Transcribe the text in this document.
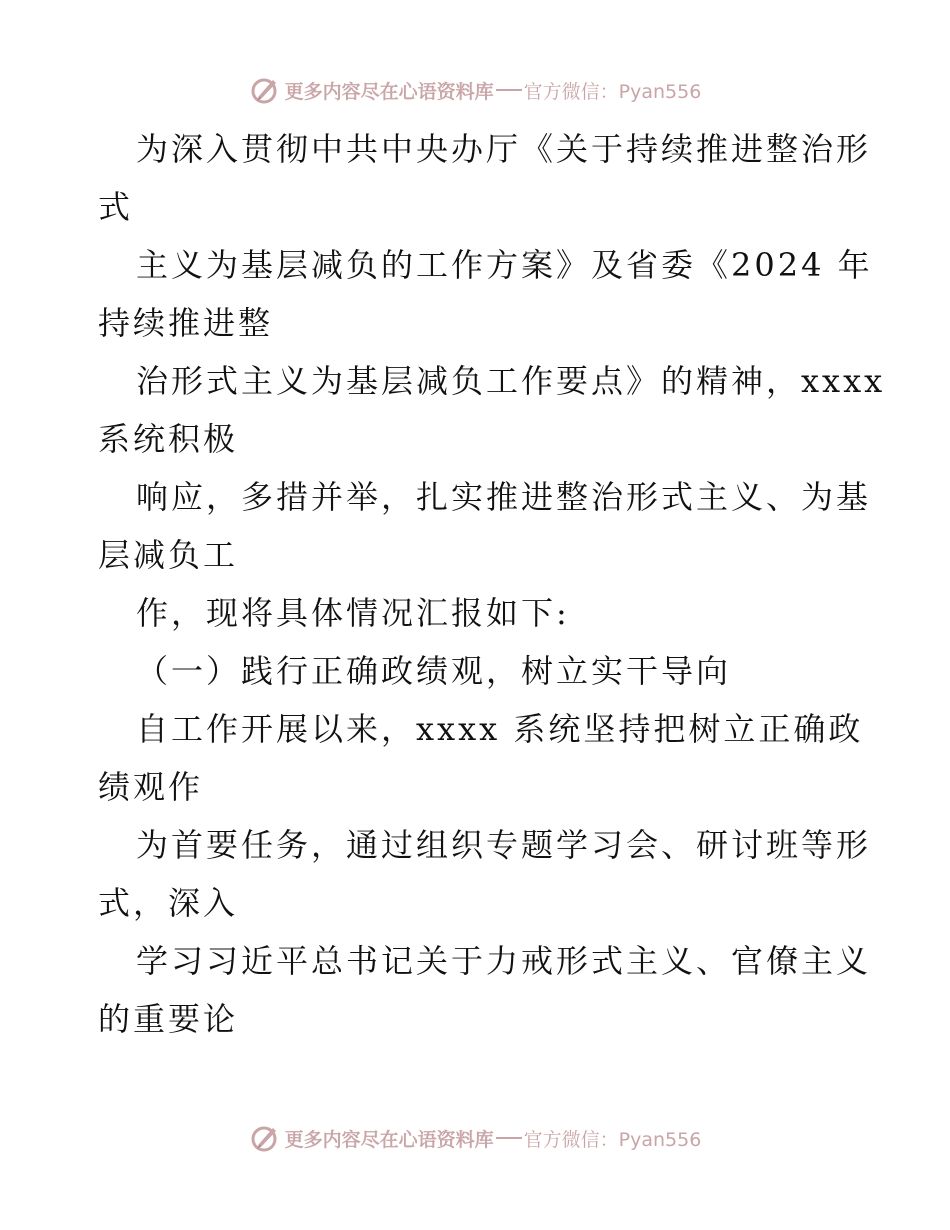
更多内容尽在心语资料库 官方微信：Pyan556
为深入贯彻中共中央办厅《关于持续推进整治形
式
主义为基层减负的工作方案》及省委《2024 年
持续推进整
治形式主义为基层减负工作要点》的精神，xxxx
系统积极
响应，多措并举，扎实推进整治形式主义、为基
层减负工
作，现将具体情况汇报如下:
（一）践行正确政绩观，树立实干导向
自工作开展以来，xxxx 系统坚持把树立正确政
绩观作
为首要任务，通过组织专题学习会、研讨班等形
式，深入
学习习近平总书记关于力戒形式主义、官僚主义
的重要论
更多内容尽在心语资料库 官方微信：Pyan556
